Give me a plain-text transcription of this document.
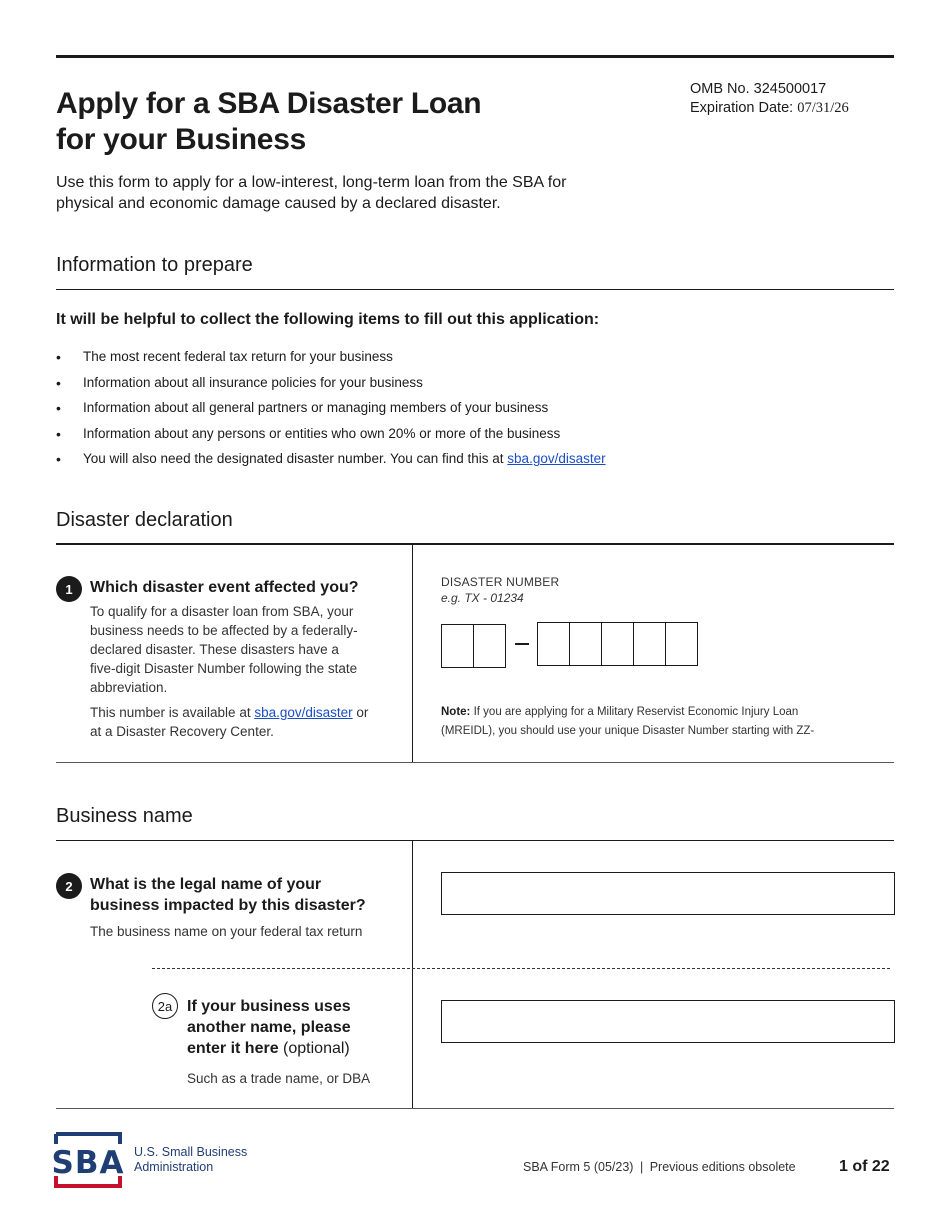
Apply for a SBA Disaster Loan
for your Business
OMB No. 324500017
Expiration Date: 07/31/26
Use this form to apply for a low-interest, long-term loan from the SBA for
physical and economic damage caused by a declared disaster.
Information to prepare
It will be helpful to collect the following items to fill out this application:
• The most recent federal tax return for your business
• Information about all insurance policies for your business
• Information about all general partners or managing members of your business
• Information about any persons or entities who own 20% or more of the business
• You will also need the designated disaster number. You can find this at sba.gov/disaster
Disaster declaration
1	Which disaster event affected you?
To qualify for a disaster loan from SBA, your
business needs to be affected by a federally-
declared disaster. These disasters have a
five-digit Disaster Number following the state
abbreviation.
This number is available at sba.gov/disaster or
at a Disaster Recovery Center.
DISASTER NUMBER
e.g. TX - 01234
Note: If you are applying for a Military Reservist Economic Injury Loan
(MREIDL), you should use your unique Disaster Number starting with ZZ-
Business name
2	What is the legal name of your
business impacted by this disaster?
The business name on your federal tax return
2a If your business uses
another name, please
enter it here (optional)
Such as a trade name, or DBA
SBA U.S. Small Business
Administration	SBA Form 5 (05/23) | Previous editions obsolete	1 of 22
